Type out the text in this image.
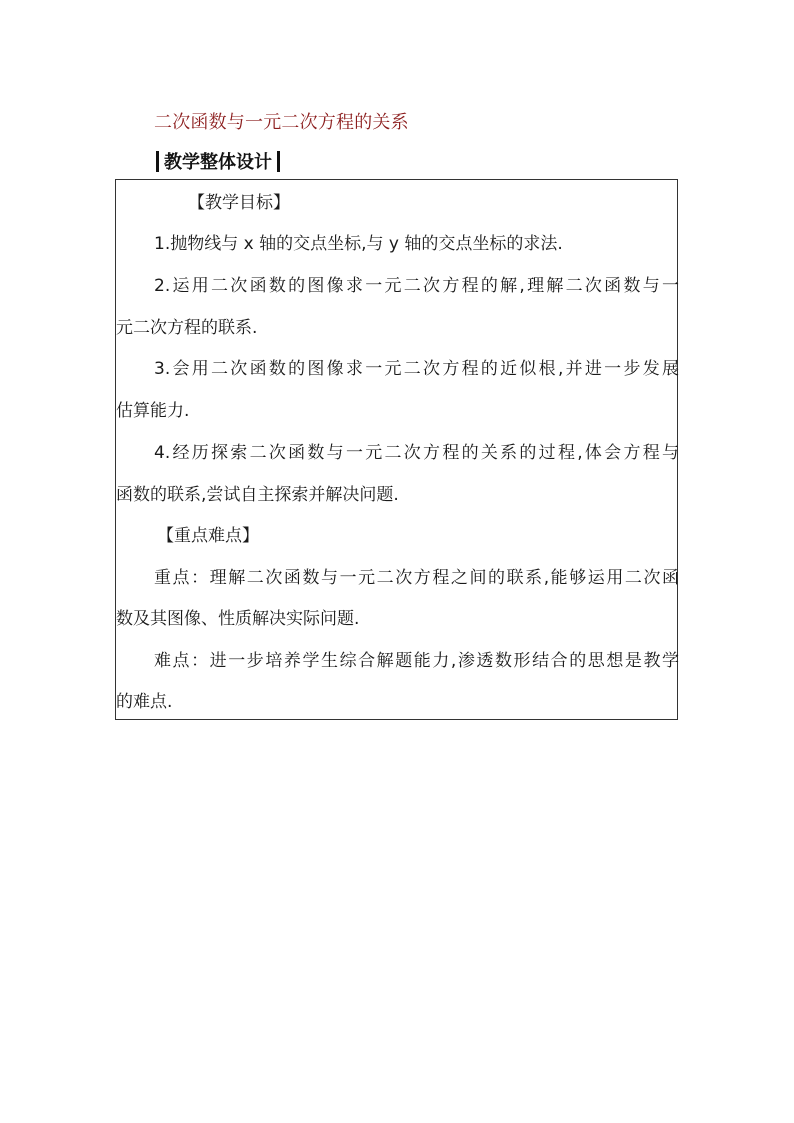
二次函数与一元二次方程的关系
教学整体设计
【教学目标】
1.抛物线与 x 轴的交点坐标,与 y 轴的交点坐标的求法.
2.运用二次函数的图像求一元二次方程的解,理解二次函数与一
元二次方程的联系.
3.会用二次函数的图像求一元二次方程的近似根,并进一步发展
估算能力.
4.经历探索二次函数与一元二次方程的关系的过程,体会方程与
函数的联系,尝试自主探索并解决问题.
【重点难点】
重点：理解二次函数与一元二次方程之间的联系,能够运用二次函
数及其图像、性质解决实际问题.
难点：进一步培养学生综合解题能力,渗透数形结合的思想是教学
的难点.
